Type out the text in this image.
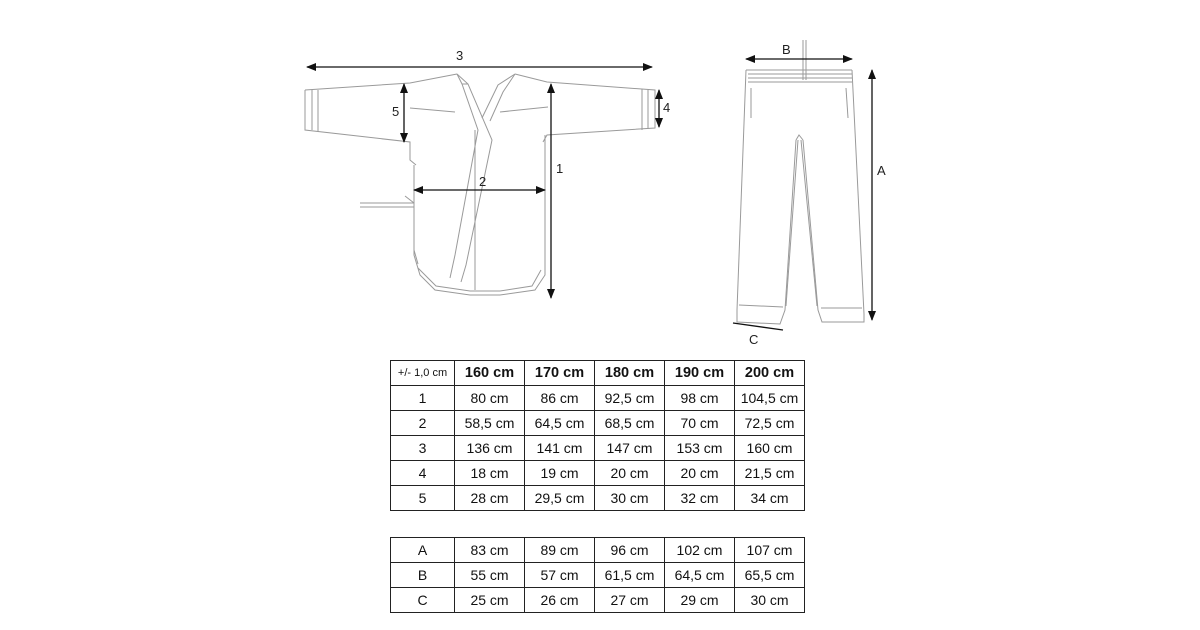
3
1
2
4
5
B
A
C
+/- 1,0 cm	160 cm	170 cm	180 cm	190 cm	200 cm
1	80 cm	86 cm	92,5 cm	98 cm	104,5 cm
2	58,5 cm	64,5 cm	68,5 cm	70 cm	72,5 cm
3	136 cm	141 cm	147 cm	153 cm	160 cm
4	18 cm	19 cm	20 cm	20 cm	21,5 cm
5	28 cm	29,5 cm	30 cm	32 cm	34 cm
A	83 cm	89 cm	96 cm	102 cm	107 cm
B	55 cm	57 cm	61,5 cm	64,5 cm	65,5 cm
C	25 cm	26 cm	27 cm	29 cm	30 cm
